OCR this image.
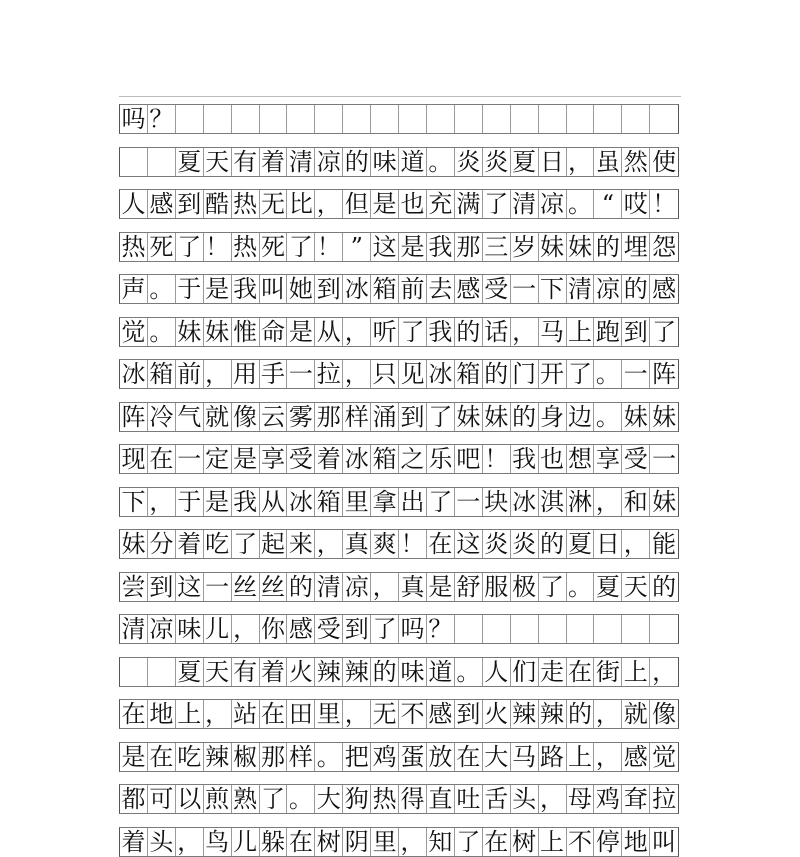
吗 ？
夏 天 有 着 清 凉 的 味 道 。 炎 炎 夏 日 ， 虽 然 使
人 感 到 酷 热 无 比 ， 但 是 也 充 满 了 清 凉 。 “ 哎 ！
热 死 了 ！ 热 死 了 ！ ” 这 是 我 那 三 岁 妹 妹 的 埋 怨
声 。 于 是 我 叫 她 到 冰 箱 前 去 感 受 一 下 清 凉 的 感
觉 。 妹 妹 惟 命 是 从 ， 听 了 我 的 话 ， 马 上 跑 到 了
冰 箱 前 ， 用 手 一 拉 ， 只 见 冰 箱 的 门 开 了 。 一 阵
阵 冷 气 就 像 云 雾 那 样 涌 到 了 妹 妹 的 身 边 。 妹 妹
现 在 一 定 是 享 受 着 冰 箱 之 乐 吧 ！ 我 也 想 享 受 一
下 ， 于 是 我 从 冰 箱 里 拿 出 了 一 块 冰 淇 淋 ， 和 妹
妹 分 着 吃 了 起 来 ， 真 爽 ！ 在 这 炎 炎 的 夏 日 ， 能
尝 到 这 一 丝 丝 的 清 凉 ， 真 是 舒 服 极 了 。 夏 天 的
清 凉 味 儿 ， 你 感 受 到 了 吗 ？
夏 天 有 着 火 辣 辣 的 味 道 。 人 们 走 在 街 上 ，
在 地 上 ， 站 在 田 里 ， 无 不 感 到 火 辣 辣 的 ， 就 像
是 在 吃 辣 椒 那 样 。 把 鸡 蛋 放 在 大 马 路 上 ， 感 觉
都 可 以 煎 熟 了 。 大 狗 热 得 直 吐 舌 头 ， 母 鸡 耷 拉
着 头 ， 鸟 儿 躲 在 树 阴 里 ， 知 了 在 树 上 不 停 地 叫
